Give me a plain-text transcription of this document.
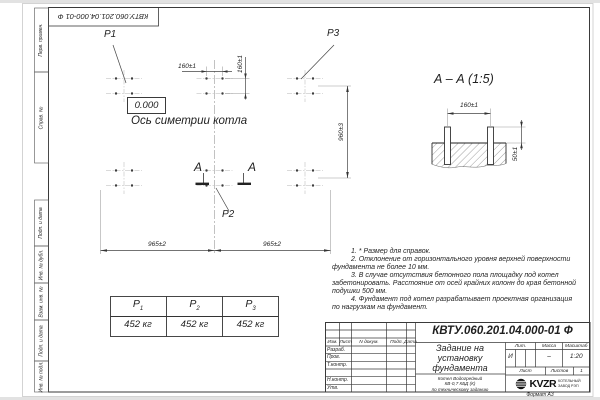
КВТУ.060.201.04.000-01 Ф
Перв. примен.
Справ. №
Подп. и дата
Инв. № дубл.
Взам. инв. №
Подп. и дата
Инв. № подл.
P1	P3
P2
0.000
Ось симетрии котла
А	А
160±1	160±1
960±3
965±2	965±2
А – А (1:5)
160±1
50±1
1. * Размер для справок.
2. Отклонение от горизонтального уровня верхней поверхности
фундамента не более 10 мм.
3. В случае отсутствия бетонного пола площадку под котел
забетонировать. Расстояние от осей крайних колонн до края бетонной
подушки 500 мм.
4. Фундамент под котел разрабатывает проектная организация
по нагрузкам на фундамент.
$P_1$	$P_2$	$P_3$
452 кг	452 кг	452 кг
КВТУ.060.201.04.000-01 Ф
Изм. Лист	N докум.	Подп. Дата
Разраб.
Пров.
Т.контр.
Н.контр.
Утв.
Задание на
установку
фундамента
Котел Водогрейный
КВ-0,7 КБД (К)
по техническому заданию
Лит.	Масса	Масштаб
И	–	1:20
Лист	Листов	1
KVZR КОТЕЛЬНЫЙ
ЗАВОД РЭП
Формат А3
